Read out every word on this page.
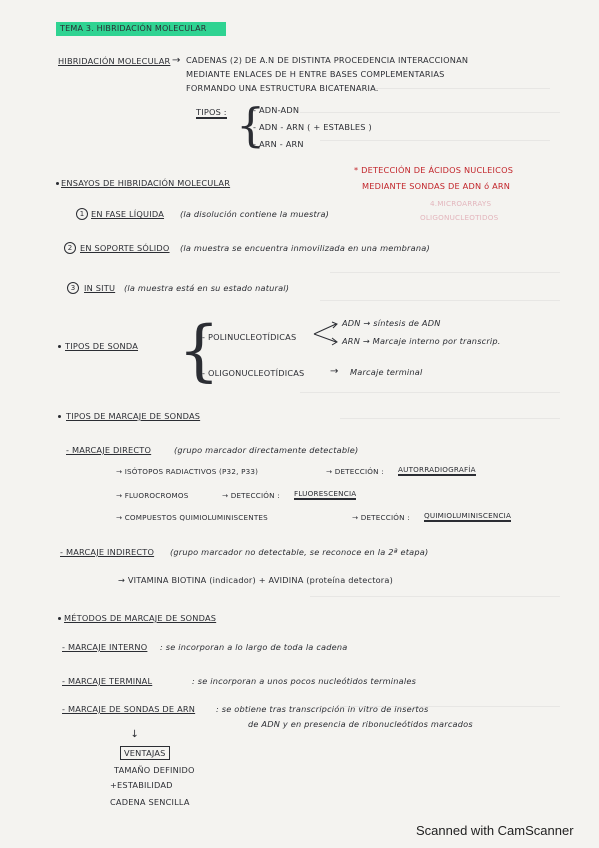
TEMA 3. HIBRIDACIÓN MOLECULAR
HIBRIDACIÓN MOLECULAR → CADENAS (2) DE A.N DE DISTINTA PROCEDENCIA INTERACCIONAN
MEDIANTE ENLACES DE H ENTRE BASES COMPLEMENTARIAS
FORMANDO UNA ESTRUCTURA BICATENARIA.
TIPOS : {
- ADN-ADN
- ADN - ARN ( + ESTABLES )
- ARN - ARN
ENSAYOS DE HIBRIDACIÓN MOLECULAR
* DETECCIÓN DE ÁCIDOS NUCLEICOS
MEDIANTE SONDAS DE ADN ó ARN
4.MICROARRAYS
OLIGONUCLEOTIDOS
1 EN FASE LÍQUIDA (la disolución contiene la muestra)
2 EN SOPORTE SÓLIDO (la muestra se encuentra inmovilizada en una membrana)
3	IN SITU (la muestra está en su estado natural)
TIPOS DE SONDA {
- POLINUCLEOTÍDICAS
ADN → síntesis de ADN
ARN → Marcaje interno por transcrip.
- OLIGONUCLEOTÍDICAS	→ Marcaje terminal
TIPOS DE MARCAJE DE SONDAS
- MARCAJE DIRECTO	(grupo marcador directamente detectable)
→ ISÓTOPOS RADIACTIVOS (P32, P33)	→ DETECCIÓN : AUTORRADIOGRAFÍA
→ FLUOROCROMOS	→ DETECCIÓN : FLUORESCENCIA
→ COMPUESTOS QUIMIOLUMINISCENTES	→ DETECCIÓN : QUIMIOLUMINISCENCIA
- MARCAJE INDIRECTO (grupo marcador no detectable, se reconoce en la 2ª etapa)
→ VITAMINA BIOTINA (indicador) + AVIDINA (proteína detectora)
MÉTODOS DE MARCAJE DE SONDAS
- MARCAJE INTERNO : se incorporan a lo largo de toda la cadena
- MARCAJE TERMINAL	: se incorporan a unos pocos nucleótidos terminales
- MARCAJE DE SONDAS DE ARN	: se obtiene tras transcripción in vitro de insertos
de ADN y en presencia de ribonucleótidos marcados
→
VENTAJAS
TAMAÑO DEFINIDO
+ESTABILIDAD
CADENA SENCILLA
Scanned with CamScanner
